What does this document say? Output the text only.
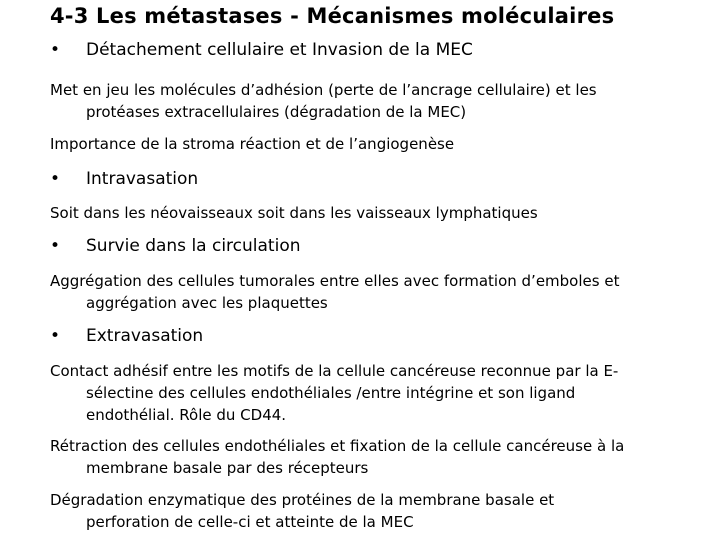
4-3 Les métastases - Mécanismes moléculaires
• Détachement cellulaire et Invasion de la MEC
Met en jeu les molécules d’adhésion (perte de l’ancrage cellulaire) et les
protéases extracellulaires (dégradation de la MEC)
Importance de la stroma réaction et de l’angiogenèse
• Intravasation
Soit dans les néovaisseaux soit dans les vaisseaux lymphatiques
• Survie dans la circulation
Aggrégation des cellules tumorales entre elles avec formation d’emboles et
aggrégation avec les plaquettes
• Extravasation
Contact adhésif entre les motifs de la cellule cancéreuse reconnue par la E-
sélectine des cellules endothéliales /entre intégrine et son ligand
endothélial. Rôle du CD44.
Rétraction des cellules endothéliales et fixation de la cellule cancéreuse à la
membrane basale par des récepteurs
Dégradation enzymatique des protéines de la membrane basale et
perforation de celle-ci et atteinte de la MEC
